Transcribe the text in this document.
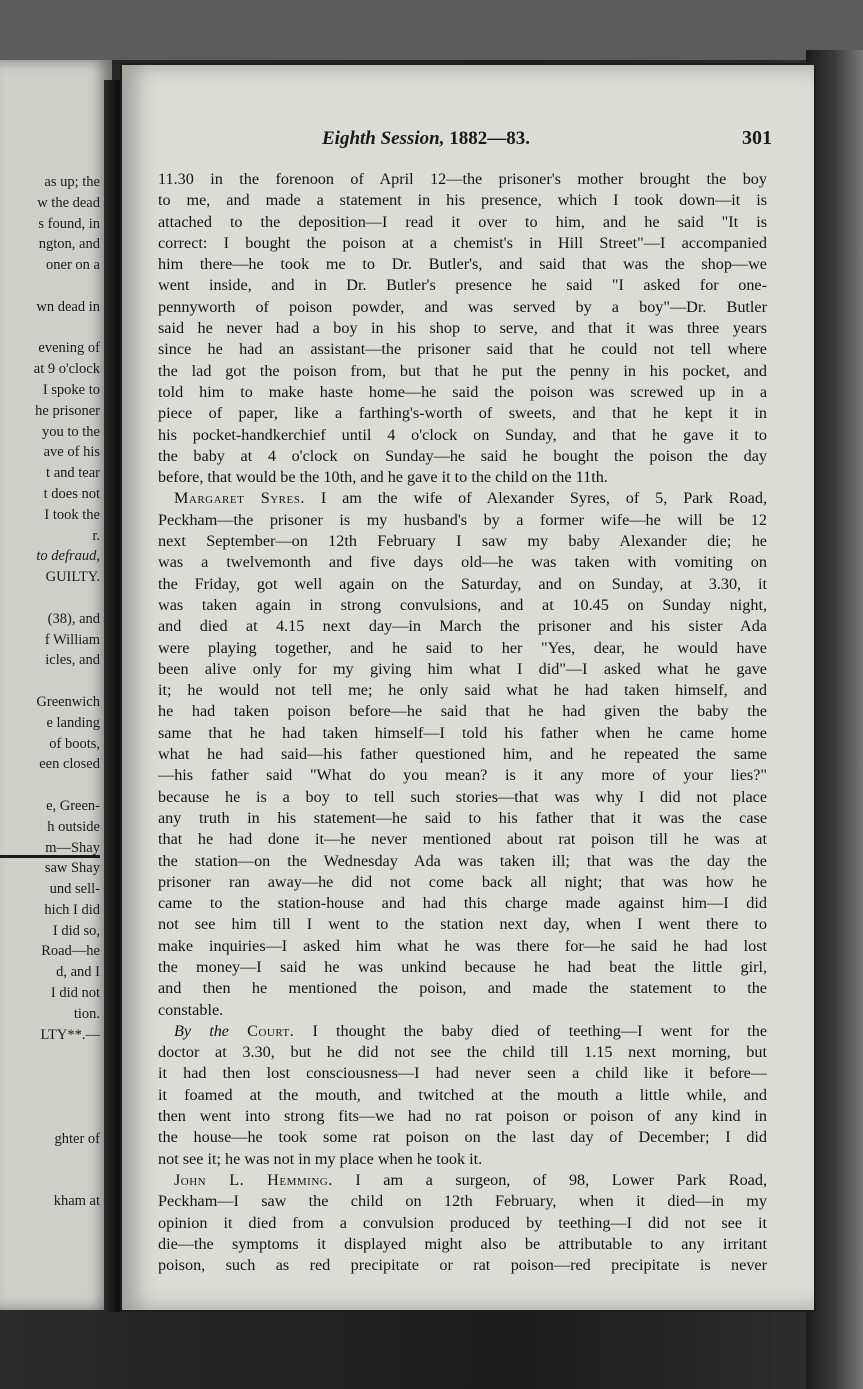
as up; the
w the dead
s found, in
ngton, and
oner on a
wn dead in
evening of
at 9 o'clock
I spoke to
he prisoner
you to the
ave of his
t and tear
t does not
I took the
r.
to defraud,
GUILTY.
(38), and
f William
icles, and
Greenwich
e landing
of boots,
een closed
e, Green-
h outside
m—Shay
saw Shay
und sell-
hich I did
I did so,
Road—he
d, and I
I did not
tion.
LTY**.—
ghter of
kham at
Eighth Session, 1882—83.	301
11.30 in the forenoon of April 12—the prisoner's mother brought the boy
to me, and made a statement in his presence, which I took down—it is
attached to the deposition—I read it over to him, and he said "It is
correct: I bought the poison at a chemist's in Hill Street"—I accompanied
him there—he took me to Dr. Butler's, and said that was the shop—we
went inside, and in Dr. Butler's presence he said "I asked for one-
pennyworth of poison powder, and was served by a boy"—Dr. Butler
said he never had a boy in his shop to serve, and that it was three years
since he had an assistant—the prisoner said that he could not tell where
the lad got the poison from, but that he put the penny in his pocket, and
told him to make haste home—he said the poison was screwed up in a
piece of paper, like a farthing's-worth of sweets, and that he kept it in
his pocket-handkerchief until 4 o'clock on Sunday, and that he gave it to
the baby at 4 o'clock on Sunday—he said he bought the poison the day
before, that would be the 10th, and he gave it to the child on the 11th.
Margaret Syres. I am the wife of Alexander Syres, of 5, Park Road,
Peckham—the prisoner is my husband's by a former wife—he will be 12
next September—on 12th February I saw my baby Alexander die; he
was a twelvemonth and five days old—he was taken with vomiting on
the Friday, got well again on the Saturday, and on Sunday, at 3.30, it
was taken again in strong convulsions, and at 10.45 on Sunday night,
and died at 4.15 next day—in March the prisoner and his sister Ada
were playing together, and he said to her "Yes, dear, he would have
been alive only for my giving him what I did"—I asked what he gave
it; he would not tell me; he only said what he had taken himself, and
he had taken poison before—he said that he had given the baby the
same that he had taken himself—I told his father when he came home
what he had said—his father questioned him, and he repeated the same
—his father said "What do you mean? is it any more of your lies?"
because he is a boy to tell such stories—that was why I did not place
any truth in his statement—he said to his father that it was the case
that he had done it—he never mentioned about rat poison till he was at
the station—on the Wednesday Ada was taken ill; that was the day the
prisoner ran away—he did not come back all night; that was how he
came to the station-house and had this charge made against him—I did
not see him till I went to the station next day, when I went there to
make inquiries—I asked him what he was there for—he said he had lost
the money—I said he was unkind because he had beat the little girl,
and then he mentioned the poison, and made the statement to the
constable.
By the Court. I thought the baby died of teething—I went for the
doctor at 3.30, but he did not see the child till 1.15 next morning, but
it had then lost consciousness—I had never seen a child like it before—
it foamed at the mouth, and twitched at the mouth a little while, and
then went into strong fits—we had no rat poison or poison of any kind in
the house—he took some rat poison on the last day of December; I did
not see it; he was not in my place when he took it.
John L. Hemming. I am a surgeon, of 98, Lower Park Road,
Peckham—I saw the child on 12th February, when it died—in my
opinion it died from a convulsion produced by teething—I did not see it
die—the symptoms it displayed might also be attributable to any irritant
poison, such as red precipitate or rat poison—red precipitate is never
